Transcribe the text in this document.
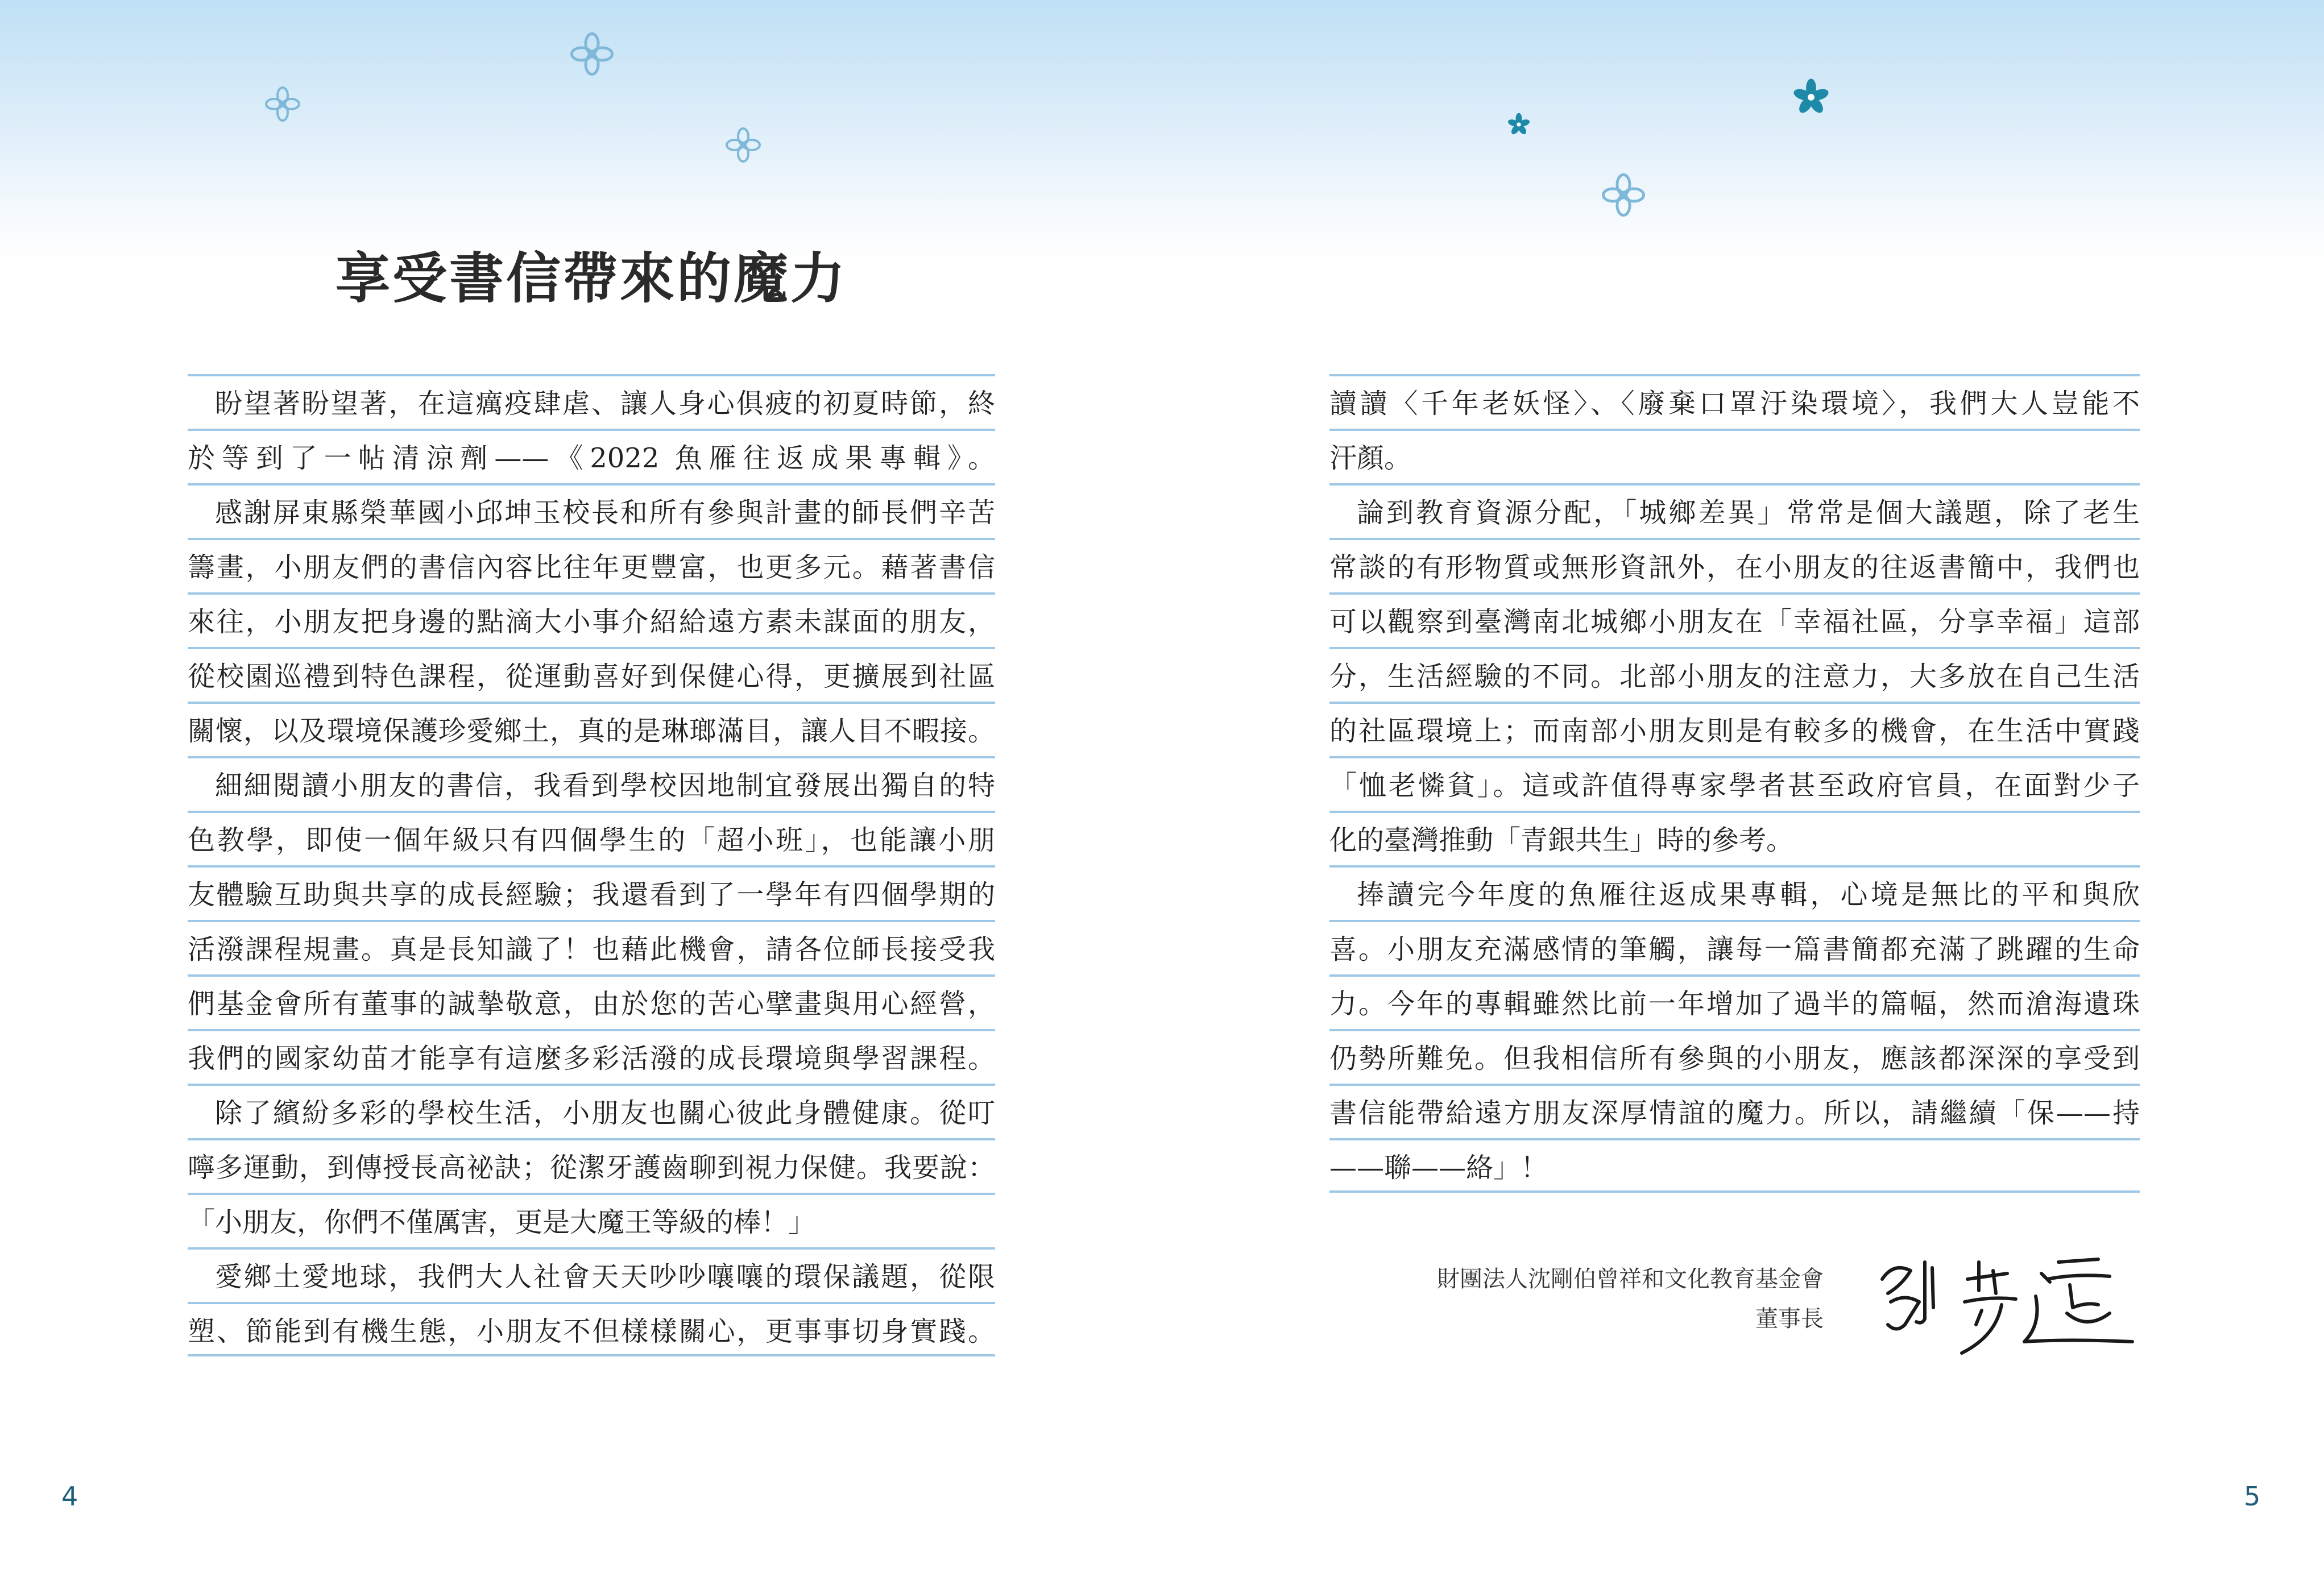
享受書信帶來的魔力
盼望著盼望著，在這癘疫肆虐、讓人身心俱疲的初夏時節，終
於等到了一帖清涼劑——《2022 魚雁往返成果專輯》。
感謝屏東縣榮華國小邱坤玉校長和所有參與計畫的師長們辛苦
籌畫，小朋友們的書信內容比往年更豐富，也更多元。藉著書信
來往，小朋友把身邊的點滴大小事介紹給遠方素未謀面的朋友，
從校園巡禮到特色課程，從運動喜好到保健心得，更擴展到社區
關懷，以及環境保護珍愛鄉土，真的是琳瑯滿目，讓人目不暇接。
細細閱讀小朋友的書信，我看到學校因地制宜發展出獨自的特
色教學，即使一個年級只有四個學生的「超小班」，也能讓小朋
友體驗互助與共享的成長經驗；我還看到了一學年有四個學期的
活潑課程規畫。真是長知識了！也藉此機會，請各位師長接受我
們基金會所有董事的誠摯敬意，由於您的苦心擘畫與用心經營，
我們的國家幼苗才能享有這麼多彩活潑的成長環境與學習課程。
除了繽紛多彩的學校生活，小朋友也關心彼此身體健康。從叮
嚀多運動，到傳授長高祕訣；從潔牙護齒聊到視力保健。我要說：
「小朋友，你們不僅厲害，更是大魔王等級的棒！」
愛鄉土愛地球，我們大人社會天天吵吵嚷嚷的環保議題，從限
塑、節能到有機生態，小朋友不但樣樣關心，更事事切身實踐。
讀讀〈千年老妖怪〉、〈廢棄口罩汙染環境〉，我們大人豈能不
汗顏。
論到教育資源分配，「城鄉差異」常常是個大議題，除了老生
常談的有形物質或無形資訊外，在小朋友的往返書簡中，我們也
可以觀察到臺灣南北城鄉小朋友在「幸福社區，分享幸福」這部
分，生活經驗的不同。北部小朋友的注意力，大多放在自己生活
的社區環境上；而南部小朋友則是有較多的機會，在生活中實踐
「恤老憐貧」。這或許值得專家學者甚至政府官員，在面對少子
化的臺灣推動「青銀共生」時的參考。
捧讀完今年度的魚雁往返成果專輯，心境是無比的平和與欣
喜。小朋友充滿感情的筆觸，讓每一篇書簡都充滿了跳躍的生命
力。今年的專輯雖然比前一年增加了過半的篇幅，然而滄海遺珠
仍勢所難免。但我相信所有參與的小朋友，應該都深深的享受到
書信能帶給遠方朋友深厚情誼的魔力。所以，請繼續「保——持
——聯——絡」！
財團法人沈剛伯曾祥和文化教育基金會
董事長
4	5
